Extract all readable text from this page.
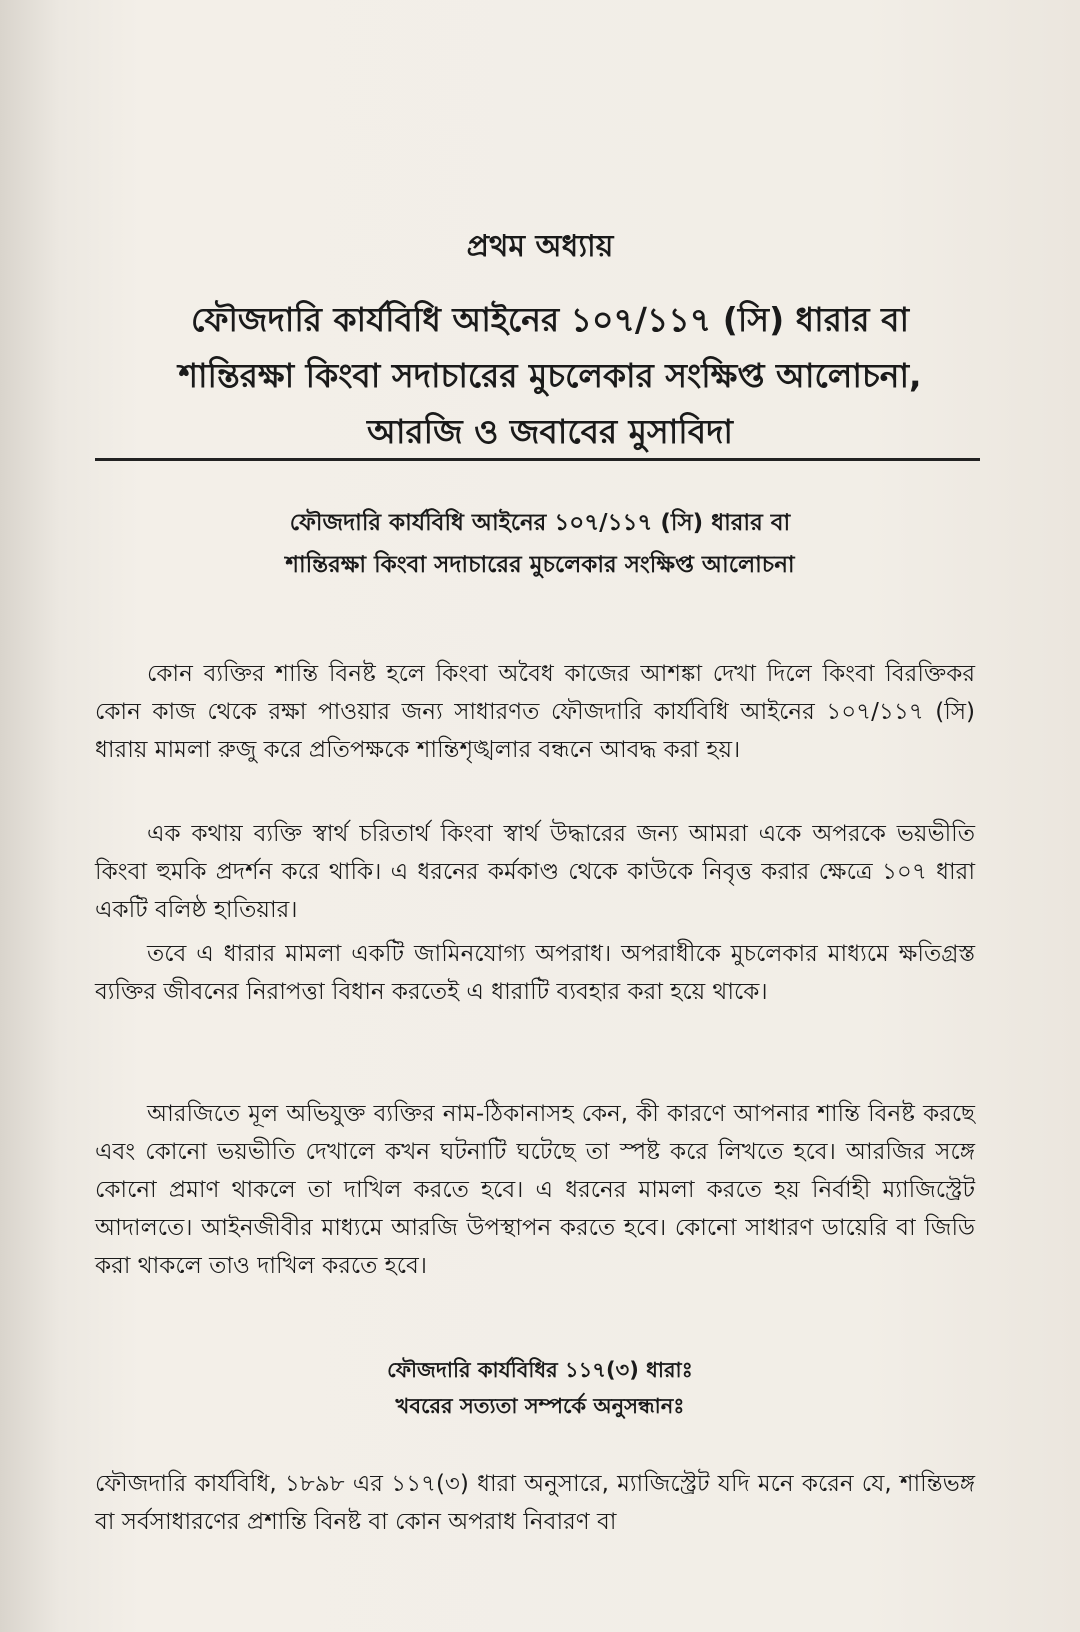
প্রথম অধ্যায়
ফৌজদারি কার্যবিধি আইনের ১০৭/১১৭ (সি) ধারার বা
শান্তিরক্ষা কিংবা সদাচারের মুচলেকার সংক্ষিপ্ত আলোচনা,
আরজি ও জবাবের মুসাবিদা
ফৌজদারি কার্যবিধি আইনের ১০৭/১১৭ (সি) ধারার বা
শান্তিরক্ষা কিংবা সদাচারের মুচলেকার সংক্ষিপ্ত আলোচনা

কোন ব্যক্তির শান্তি বিনষ্ট হলে কিংবা অবৈধ কাজের আশঙ্কা দেখা দিলে কিংবা বিরক্তিকর কোন কাজ থেকে রক্ষা পাওয়ার জন্য সাধারণত ফৌজদারি কার্যবিধি আইনের ১০৭/১১৭ (সি) ধারায় মামলা রুজু করে প্রতিপক্ষকে শান্তিশৃঙ্খলার বন্ধনে আবদ্ধ করা হয়।

এক কথায় ব্যক্তি স্বার্থ চরিতার্থ কিংবা স্বার্থ উদ্ধারের জন্য আমরা একে অপরকে ভয়ভীতি কিংবা হুমকি প্রদর্শন করে থাকি। এ ধরনের কর্মকাণ্ড থেকে কাউকে নিবৃত্ত করার ক্ষেত্রে ১০৭ ধারা একটি বলিষ্ঠ হাতিয়ার।

তবে এ ধারার মামলা একটি জামিনযোগ্য অপরাধ। অপরাধীকে মুচলেকার মাধ্যমে ক্ষতিগ্রস্ত ব্যক্তির জীবনের নিরাপত্তা বিধান করতেই এ ধারাটি ব্যবহার করা হয়ে থাকে।

আরজিতে মূল অভিযুক্ত ব্যক্তির নাম-ঠিকানাসহ কেন, কী কারণে আপনার শান্তি বিনষ্ট করছে এবং কোনো ভয়ভীতি দেখালে কখন ঘটনাটি ঘটেছে তা স্পষ্ট করে লিখতে হবে। আরজির সঙ্গে কোনো প্রমাণ থাকলে তা দাখিল করতে হবে। এ ধরনের মামলা করতে হয় নির্বাহী ম্যাজিস্ট্রেট আদালতে। আইনজীবীর মাধ্যমে আরজি উপস্থাপন করতে হবে। কোনো সাধারণ ডায়েরি বা জিডি করা থাকলে তাও দাখিল করতে হবে।

ফৌজদারি কার্যবিধির ১১৭(৩) ধারাঃ
খবরের সত্যতা সম্পর্কে অনুসন্ধানঃ

ফৌজদারি কার্যবিধি, ১৮৯৮ এর ১১৭(৩) ধারা অনুসারে, ম্যাজিস্ট্রেট যদি মনে করেন যে, শান্তিভঙ্গ বা সর্বসাধারণের প্রশান্তি বিনষ্ট বা কোন অপরাধ নিবারণ বা
